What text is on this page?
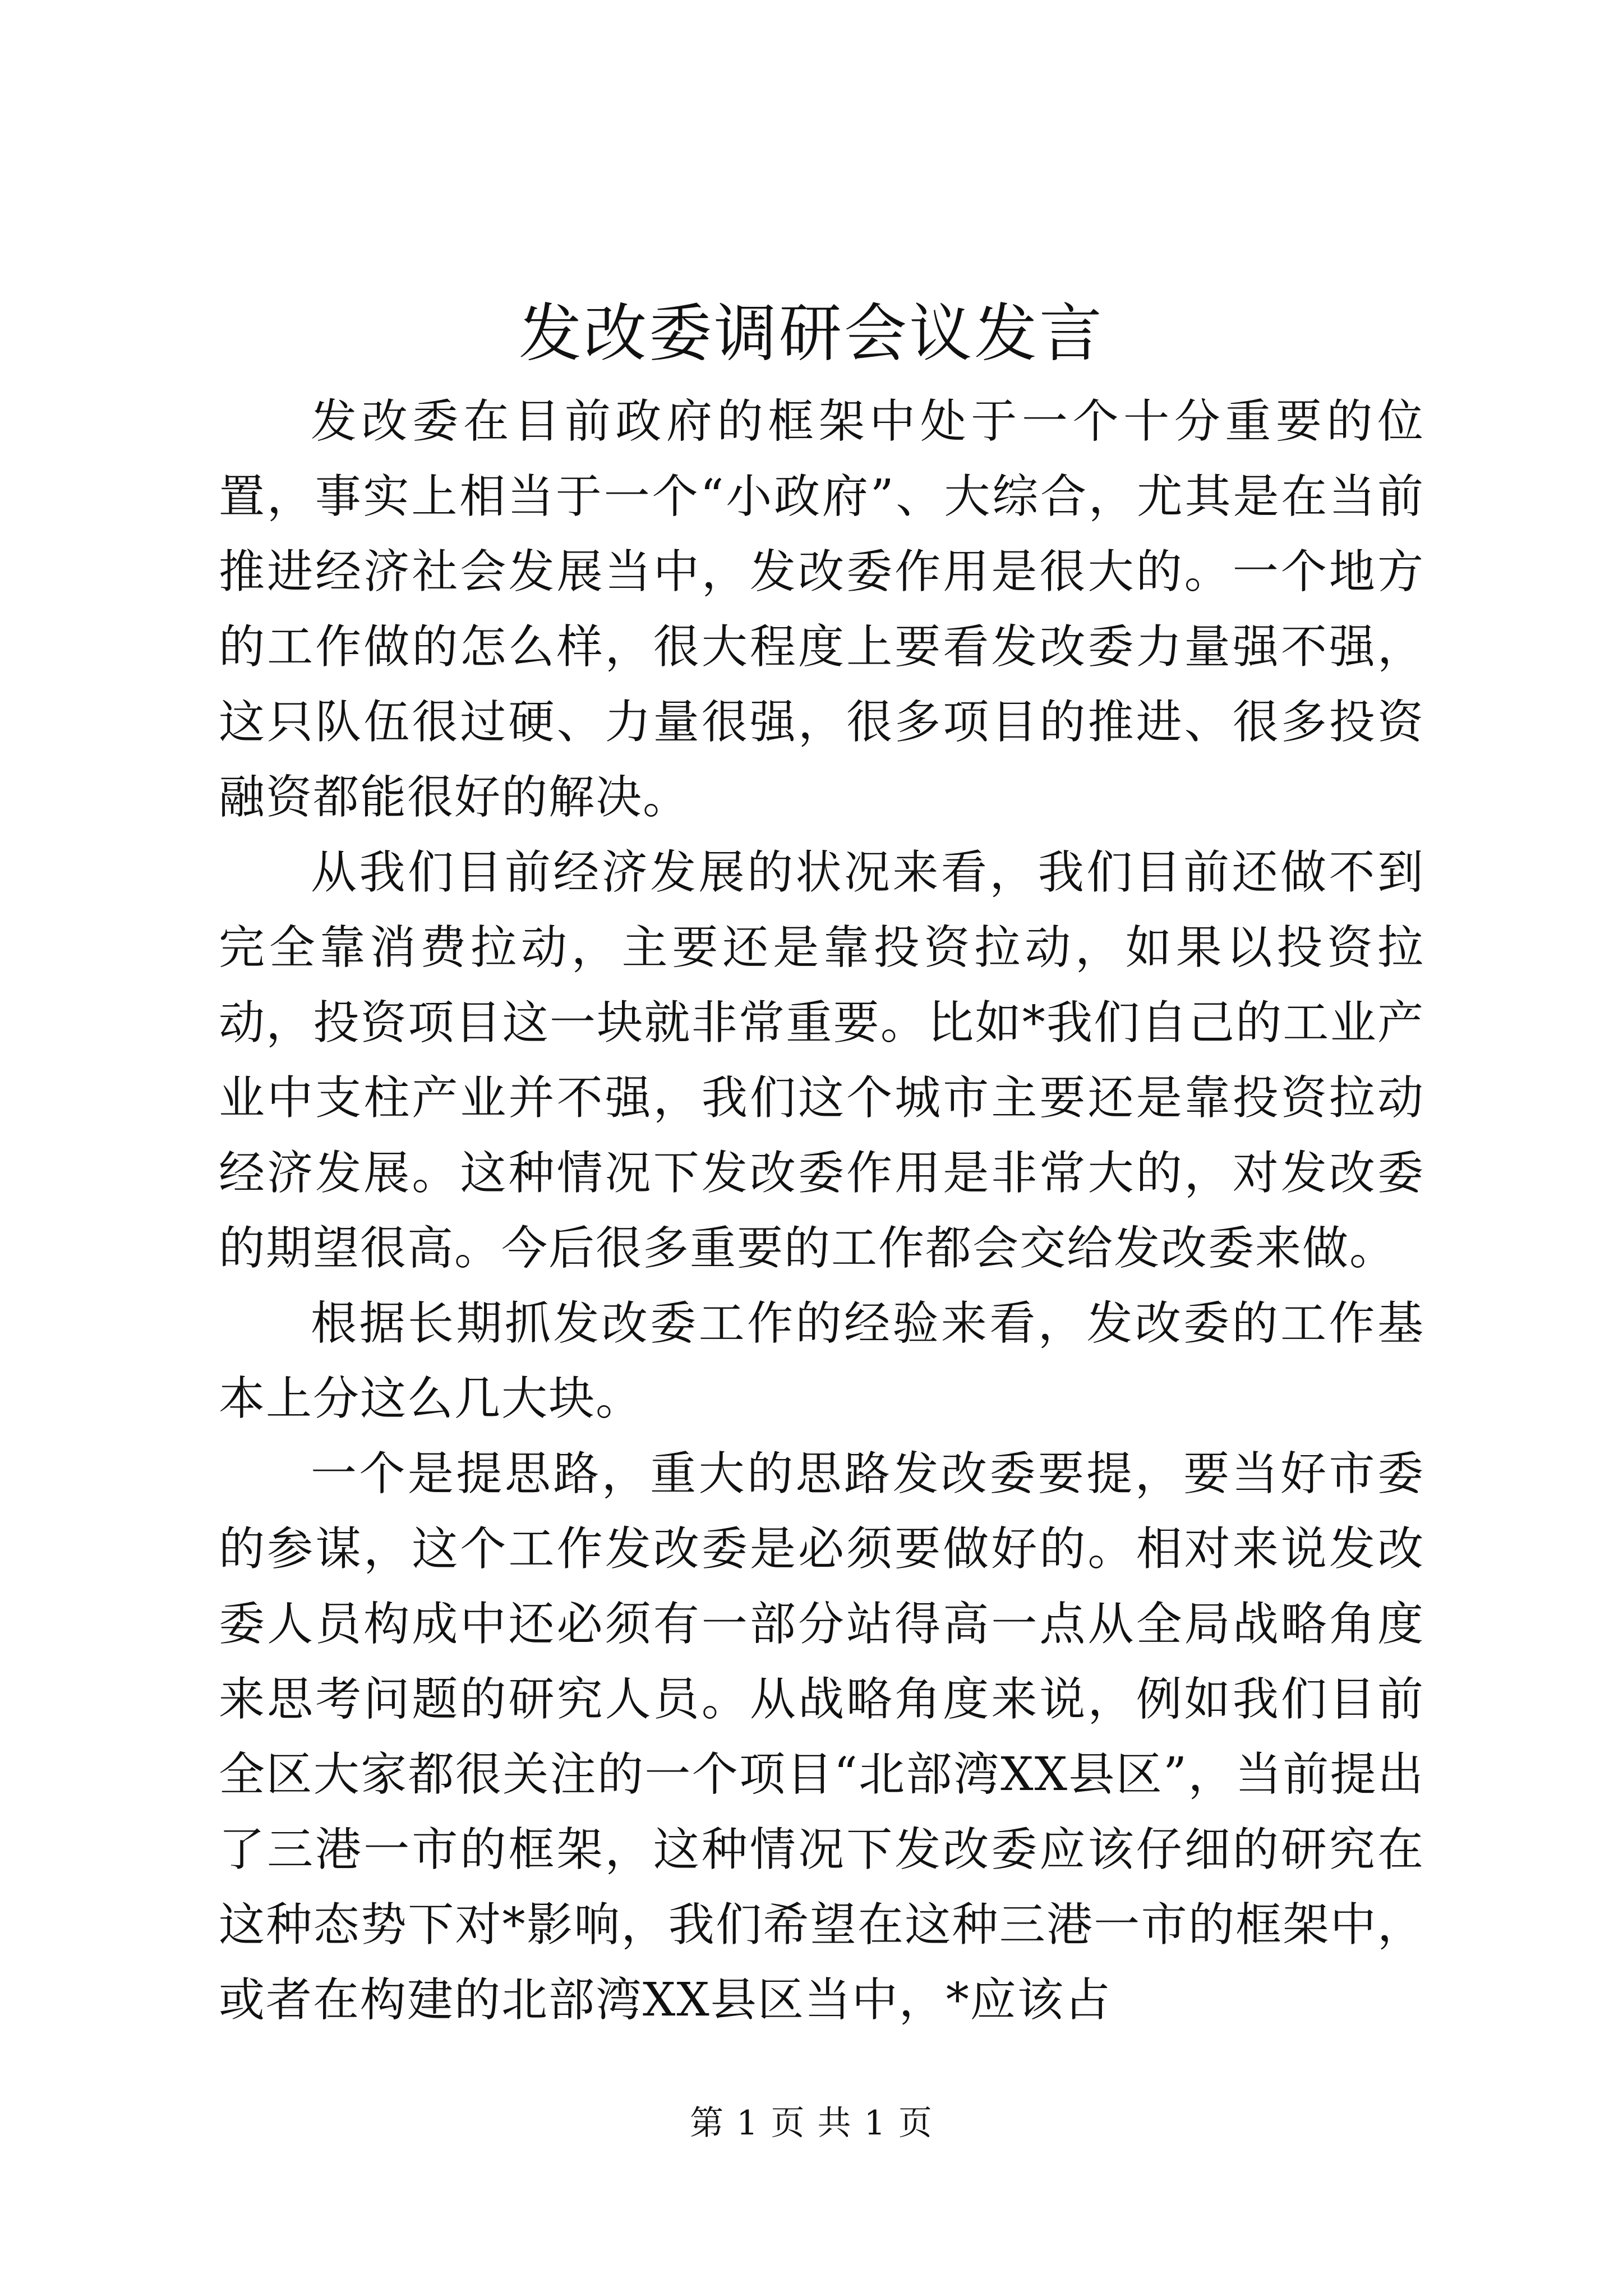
发改委调研会议发言

发改委在目前政府的框架中处于一个十分重要的位置，事实上相当于一个“小政府”、大综合，尤其是在当前推进经济社会发展当中，发改委作用是很大的。一个地方的工作做的怎么样，很大程度上要看发改委力量强不强，这只队伍很过硬、力量很强，很多项目的推进、很多投资融资都能很好的解决。

从我们目前经济发展的状况来看，我们目前还做不到完全靠消费拉动，主要还是靠投资拉动，如果以投资拉动，投资项目这一块就非常重要。比如*我们自己的工业产业中支柱产业并不强，我们这个城市主要还是靠投资拉动经济发展。这种情况下发改委作用是非常大的，对发改委的期望很高。今后很多重要的工作都会交给发改委来做。

根据长期抓发改委工作的经验来看，发改委的工作基本上分这么几大块。

一个是提思路，重大的思路发改委要提，要当好市委的参谋，这个工作发改委是必须要做好的。相对来说发改委人员构成中还必须有一部分站得高一点从全局战略角度来思考问题的研究人员。从战略角度来说，例如我们目前全区大家都很关注的一个项目“北部湾XX县区”，当前提出了三港一市的框架，这种情况下发改委应该仔细的研究在这种态势下对*影响，我们希望在这种三港一市的框架中，或者在构建的北部湾XX县区当中，*应该占

第 1 页 共 1 页
